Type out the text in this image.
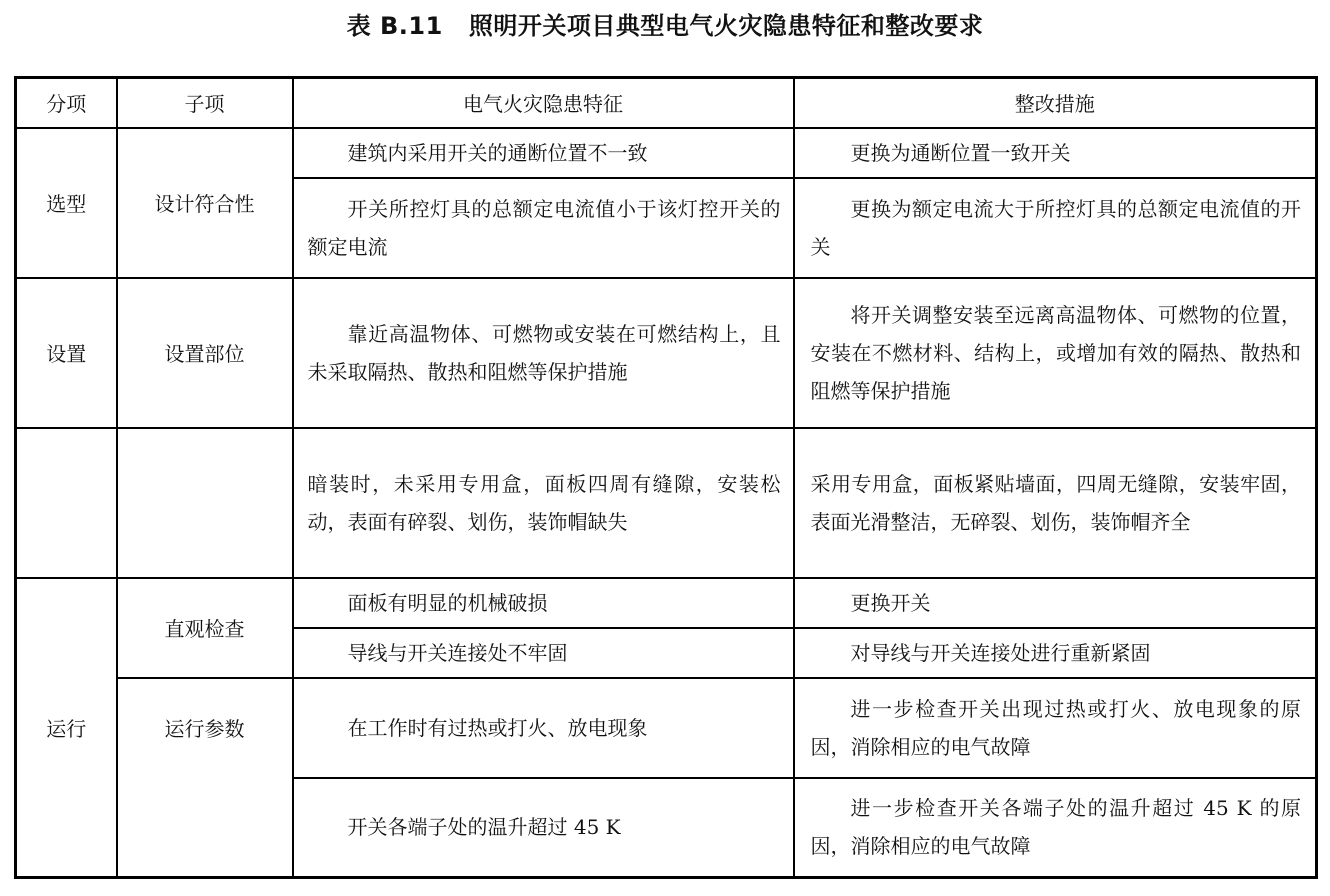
表 B.11 照明开关项目典型电气火灾隐患特征和整改要求
分项	子项	电气火灾隐患特征	整改措施
选型	设计符合性	建筑内采用开关的通断位置不一致	更换为通断位置一致开关
		开关所控灯具的总额定电流值小于该灯控开关的额定电流	更换为额定电流大于所控灯具的总额定电流值的开关
设置	设置部位	靠近高温物体、可燃物或安装在可燃结构上，且未采取隔热、散热和阻燃等保护措施	将开关调整安装至远离高温物体、可燃物的位置，安装在不燃材料、结构上，或增加有效的隔热、散热和阻燃等保护措施
		暗装时，未采用专用盒，面板四周有缝隙，安装松动，表面有碎裂、划伤，装饰帽缺失	采用专用盒，面板紧贴墙面，四周无缝隙，安装牢固，表面光滑整洁，无碎裂、划伤，装饰帽齐全
运行	直观检查	面板有明显的机械破损	更换开关
		导线与开关连接处不牢固	对导线与开关连接处进行重新紧固
	运行参数	在工作时有过热或打火、放电现象	进一步检查开关出现过热或打火、放电现象的原因，消除相应的电气故障
		开关各端子处的温升超过 45 K	进一步检查开关各端子处的温升超过 45 K 的原因，消除相应的电气故障
